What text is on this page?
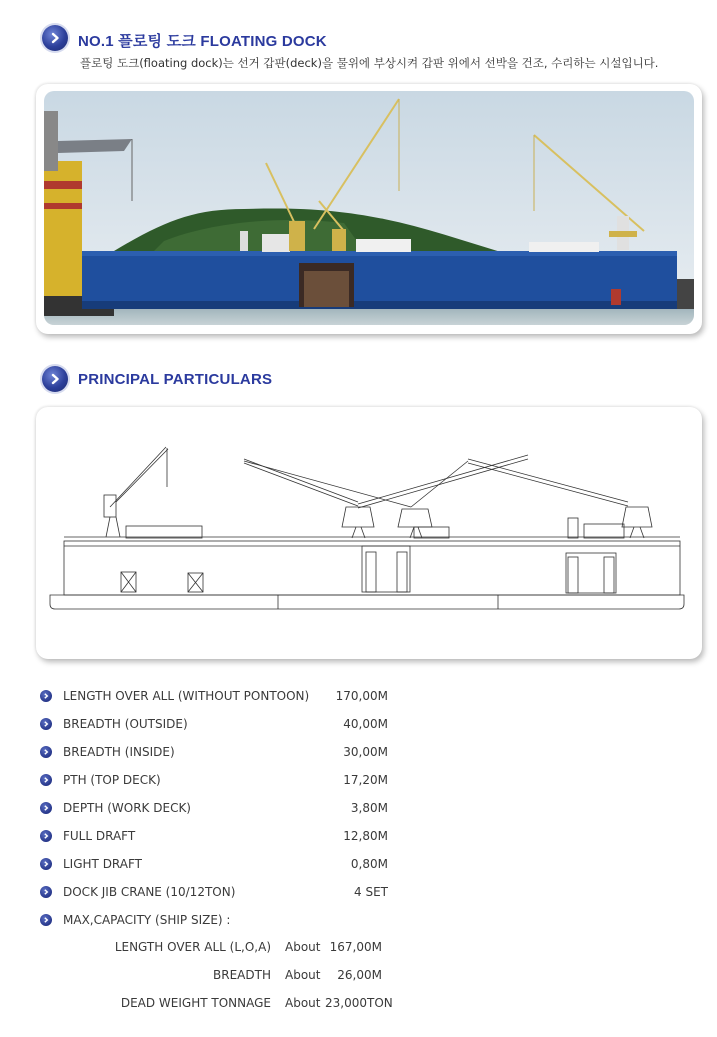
NO.1 플로팅 도크 FLOATING DOCK
플로팅 도크(floating dock)는 선거 갑판(deck)을 물위에 부상시켜 갑판 위에서 선박을 건조, 수리하는 시설입니다.
PRINCIPAL PARTICULARS
LENGTH OVER ALL (WITHOUT PONTOON)	170,00M
BREADTH (OUTSIDE)	40,00M
BREADTH (INSIDE)	30,00M
PTH (TOP DECK)	17,20M
DEPTH (WORK DECK)	3,80M
FULL DRAFT	12,80M
LIGHT DRAFT	0,80M
DOCK JIB CRANE (10/12TON)	4 SET
MAX,CAPACITY (SHIP SIZE) :
LENGTH OVER ALL (L,O,A) About 167,00M
BREADTH About	26,00M
DEAD WEIGHT TONNAGE About 23,000TON
